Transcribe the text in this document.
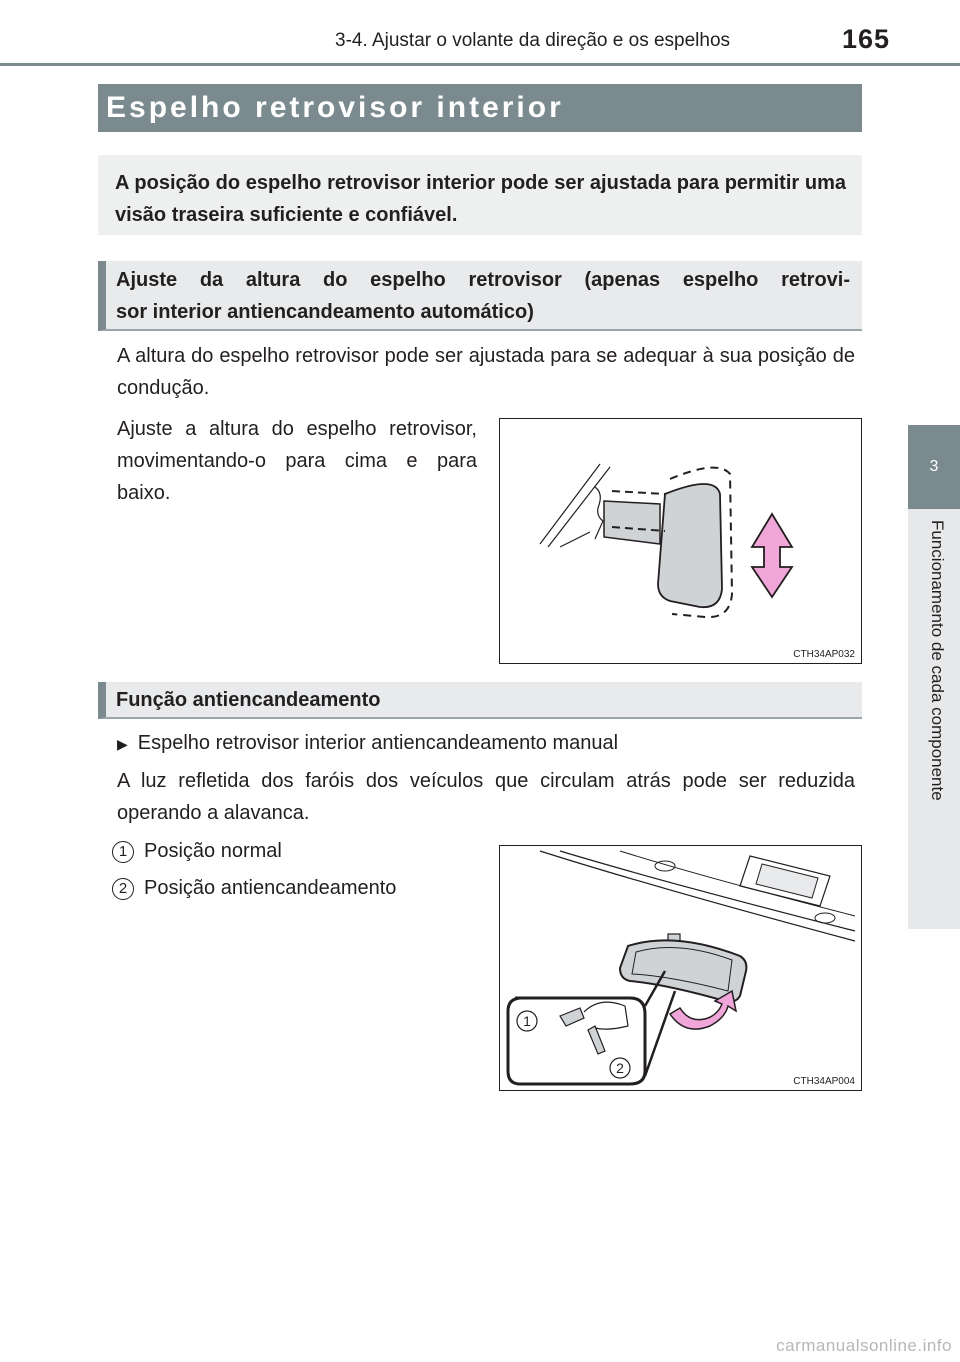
3-4. Ajustar o volante da direção e os espelhos	165
3
Funcionamento de cada componente
Espelho retrovisor interior
A posição do espelho retrovisor interior pode ser ajustada para permitir uma visão traseira suficiente e confiável.
Ajuste da altura do espelho retrovisor (apenas espelho retrovi-
sor interior antiencandeamento automático)
A altura do espelho retrovisor pode ser ajustada para se adequar à sua posição de condução.
Ajuste a altura do espelho retrovisor, movimentando-o para cima e para baixo.
CTH34AP032
Função antiencandeamento
▶ Espelho retrovisor interior antiencandeamento manual
A luz refletida dos faróis dos veículos que circulam atrás pode ser reduzida operando a alavanca.
1 Posição normal
2 Posição antiencandeamento
1
2
CTH34AP004
carmanualsonline.info
